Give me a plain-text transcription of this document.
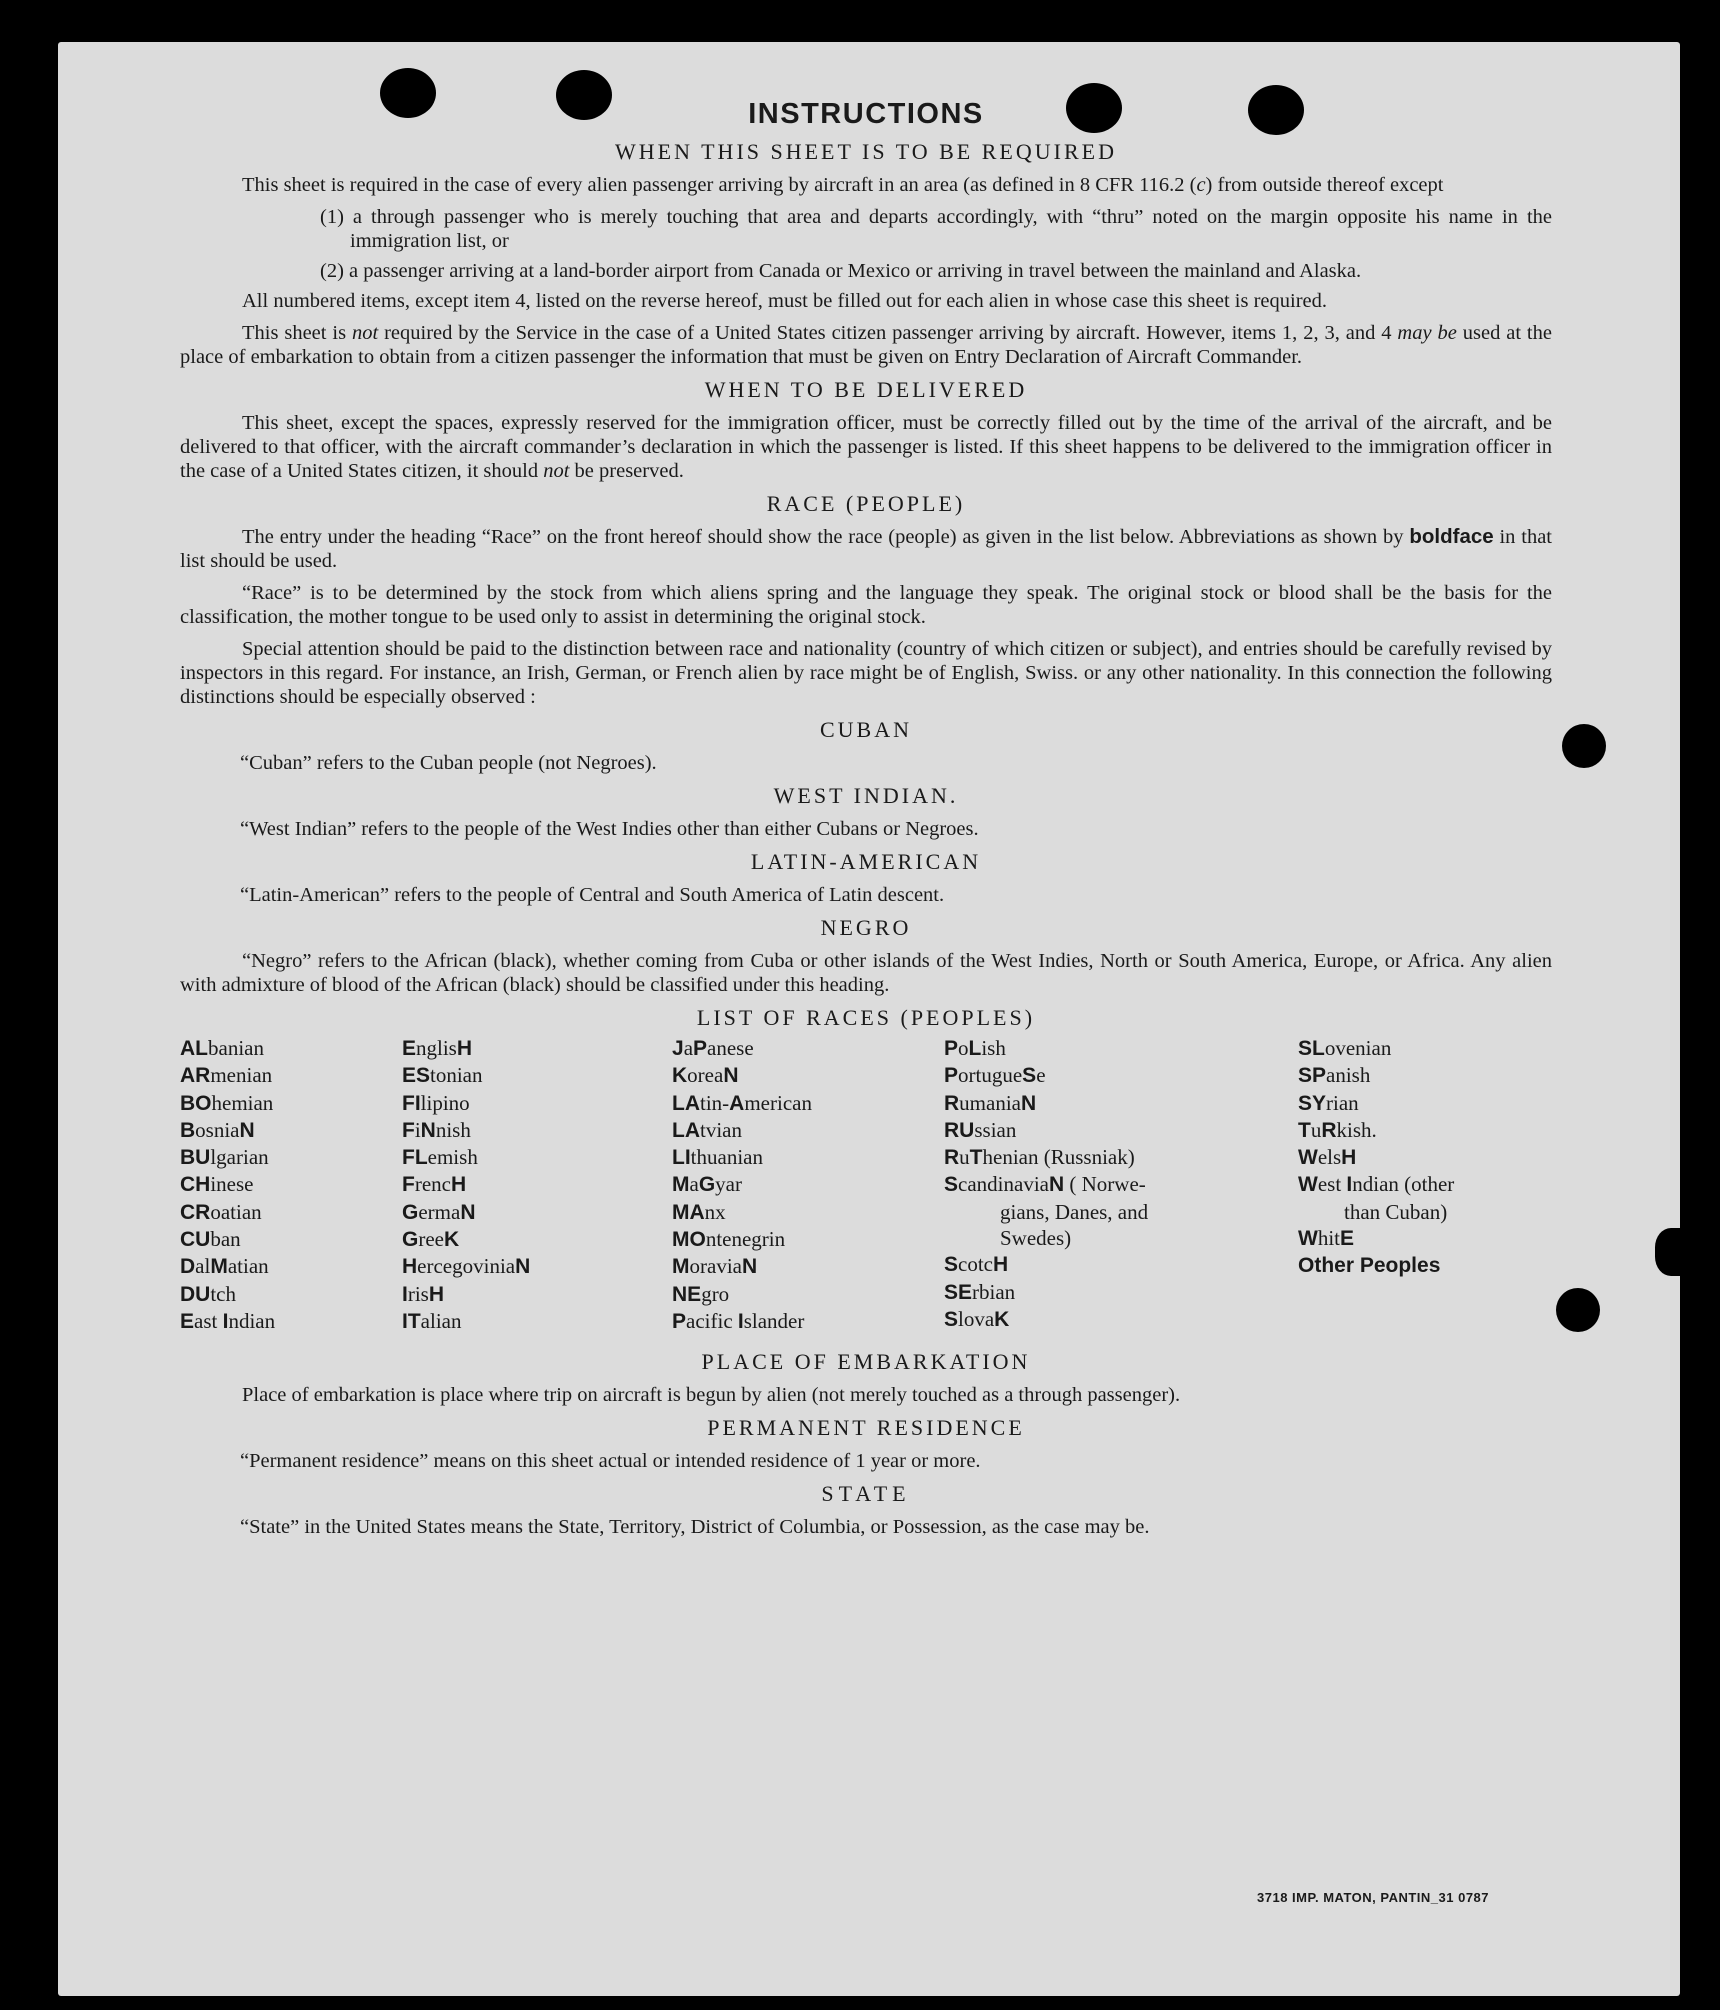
INSTRUCTIONS
WHEN THIS SHEET IS TO BE REQUIRED

This sheet is required in the case of every alien passenger arriving by aircraft in an area (as defined in 8 CFR 116.2 (c) from outside thereof except

(1) a through passenger who is merely touching that area and departs accordingly, with “thru” noted on the margin opposite his name in the immigration list, or

(2) a passenger arriving at a land-border airport from Canada or Mexico or arriving in travel between the mainland and Alaska.

All numbered items, except item 4, listed on the reverse hereof, must be filled out for each alien in whose case this sheet is required.

This sheet is not required by the Service in the case of a United States citizen passenger arriving by aircraft. However, items 1, 2, 3, and 4 may be used at the place of embarkation to obtain from a citizen passenger the information that must be given on Entry Declaration of Aircraft Commander.

WHEN TO BE DELIVERED

This sheet, except the spaces, expressly reserved for the immigration officer, must be correctly filled out by the time of the arrival of the aircraft, and be delivered to that officer, with the aircraft commander’s declaration in which the passenger is listed. If this sheet happens to be delivered to the immigration officer in the case of a United States citizen, it should not be preserved.

RACE (PEOPLE)

The entry under the heading “Race” on the front hereof should show the race (people) as given in the list below. Abbreviations as shown by boldface in that list should be used.

“Race” is to be determined by the stock from which aliens spring and the language they speak. The original stock or blood shall be the basis for the classification, the mother tongue to be used only to assist in determining the original stock.

Special attention should be paid to the distinction between race and nationality (country of which citizen or subject), and entries should be carefully revised by inspectors in this regard. For instance, an Irish, German, or French alien by race might be of English, Swiss. or any other nationality. In this connection the following distinctions should be especially observed :

CUBAN

“Cuban” refers to the Cuban people (not Negroes).

WEST INDIAN.

“West Indian” refers to the people of the West Indies other than either Cubans or Negroes.

LATIN-AMERICAN

“Latin-American” refers to the people of Central and South America of Latin descent.

NEGRO

“Negro” refers to the African (black), whether coming from Cuba or other islands of the West Indies, North or South America, Europe, or Africa. Any alien with admixture of blood of the African (black) should be classified under this heading.

LIST OF RACES (PEOPLES)
ALbanian
ARmenian
BOhemian
BosniaN
BUlgarian
CHinese
CRoatian
CUban
DalMatian
DUtch
East Indian
EnglisH
EStonian
FIlipino
FiNnish
FLemish
FrencH
GermaN
GreeK
HercegoviniaN
IrisH
ITalian
JaPanese
KoreaN
LAtin-American
LAtvian
LIthuanian
MaGyar
MAnx
MOntenegrin
MoraviaN
NEgro
Pacific Islander
PoLish
PortugueSe
RumaniaN
RUssian
RuThenian (Russniak)
ScandinaviaN ( Norwe-
gians, Danes, and
Swedes)
ScotcH
SErbian
SlovaK
SLovenian
SPanish
SYrian
TuRkish.
WelsH
West Indian (other
than Cuban)
WhitE
Other Peoples
PLACE OF EMBARKATION

Place of embarkation is place where trip on aircraft is begun by alien (not merely touched as a through passenger).

PERMANENT RESIDENCE

“Permanent residence” means on this sheet actual or intended residence of 1 year or more.

STATE

“State” in the United States means the State, Territory, District of Columbia, or Possession, as the case may be.

3718 IMP. MATON, PANTIN_31 0787
